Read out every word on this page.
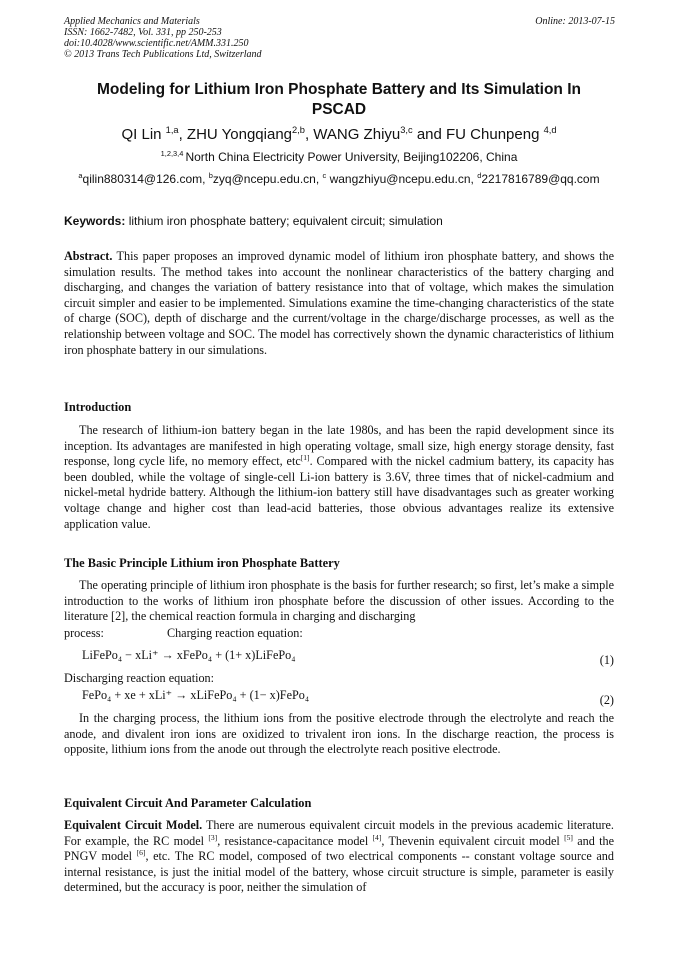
Applied Mechanics and Materials
ISSN: 1662-7482, Vol. 331, pp 250-253
doi:10.4028/www.scientific.net/AMM.331.250
© 2013 Trans Tech Publications Ltd, Switzerland
Online: 2013-07-15
Modeling for Lithium Iron Phosphate Battery and Its Simulation In PSCAD
QI Lin $^{1,a}$, ZHU Yongqiang$^{2,b}$, WANG Zhiyu$^{3,c}$ and FU Chunpeng $^{4,d}$
$^{1,2,3,4}$ North China Electricity Power University, Beijing102206, China
$^a$qilin880314@126.com, $^b$zyq@ncepu.edu.cn, $^c$ wangzhiyu@ncepu.edu.cn, $^d$2217816789@qq.com
Keywords: lithium iron phosphate battery; equivalent circuit; simulation

Abstract. This paper proposes an improved dynamic model of lithium iron phosphate battery, and shows the simulation results. The method takes into account the nonlinear characteristics of the battery charging and discharging, and changes the variation of battery resistance into that of voltage, which makes the simulation circuit simpler and easier to be implemented. Simulations examine the time-changing characteristics of the state of charge (SOC), depth of discharge and the current/voltage in the charge/discharge processes, as well as the relationship between voltage and SOC. The model has correctively shown the dynamic characteristics of lithium iron phosphate battery in our simulations.

Introduction

The research of lithium-ion battery began in the late 1980s, and has been the rapid development since its inception. Its advantages are manifested in high operating voltage, small size, high energy storage density, fast response, long cycle life, no memory effect, etc[1]. Compared with the nickel cadmium battery, its capacity has been doubled, while the voltage of single-cell Li-ion battery is 3.6V, three times that of nickel-cadmium and nickel-metal hydride battery. Although the lithium-ion battery still have disadvantages such as greater working voltage change and higher cost than lead-acid batteries, those obvious advantages realize its extensive application value.

The Basic Principle Lithium iron Phosphate Battery

The operating principle of lithium iron phosphate is the basis for further research; so first, let’s make a simple introduction to the works of lithium iron phosphate before the discussion of other issues. According to the literature [2], the chemical reaction formula in charging and discharging

process:	Charging reaction equation:
LiFePo₄ − xLi⁺ → xFePo₄ + (1+ x)LiFePo₄	(1)
Discharging reaction equation:
FePo₄ + xe + xLi⁺ → xLiFePo₄ + (1− x)FePo₄	(2)

In the charging process, the lithium ions from the positive electrode through the electrolyte and reach the anode, and divalent iron ions are oxidized to trivalent iron ions. In the discharge reaction, the process is opposite, lithium ions from the anode out through the electrolyte reach positive electrode.

Equivalent Circuit And Parameter Calculation

Equivalent Circuit Model. There are numerous equivalent circuit models in the previous academic literature. For example, the RC model [3], resistance-capacitance model [4], Thevenin equivalent circuit model [5] and the PNGV model [6], etc. The RC model, composed of two electrical components -- constant voltage source and internal resistance, is just the initial model of the battery, whose circuit structure is simple, parameter is easily determined, but the accuracy is poor, neither the simulation of
